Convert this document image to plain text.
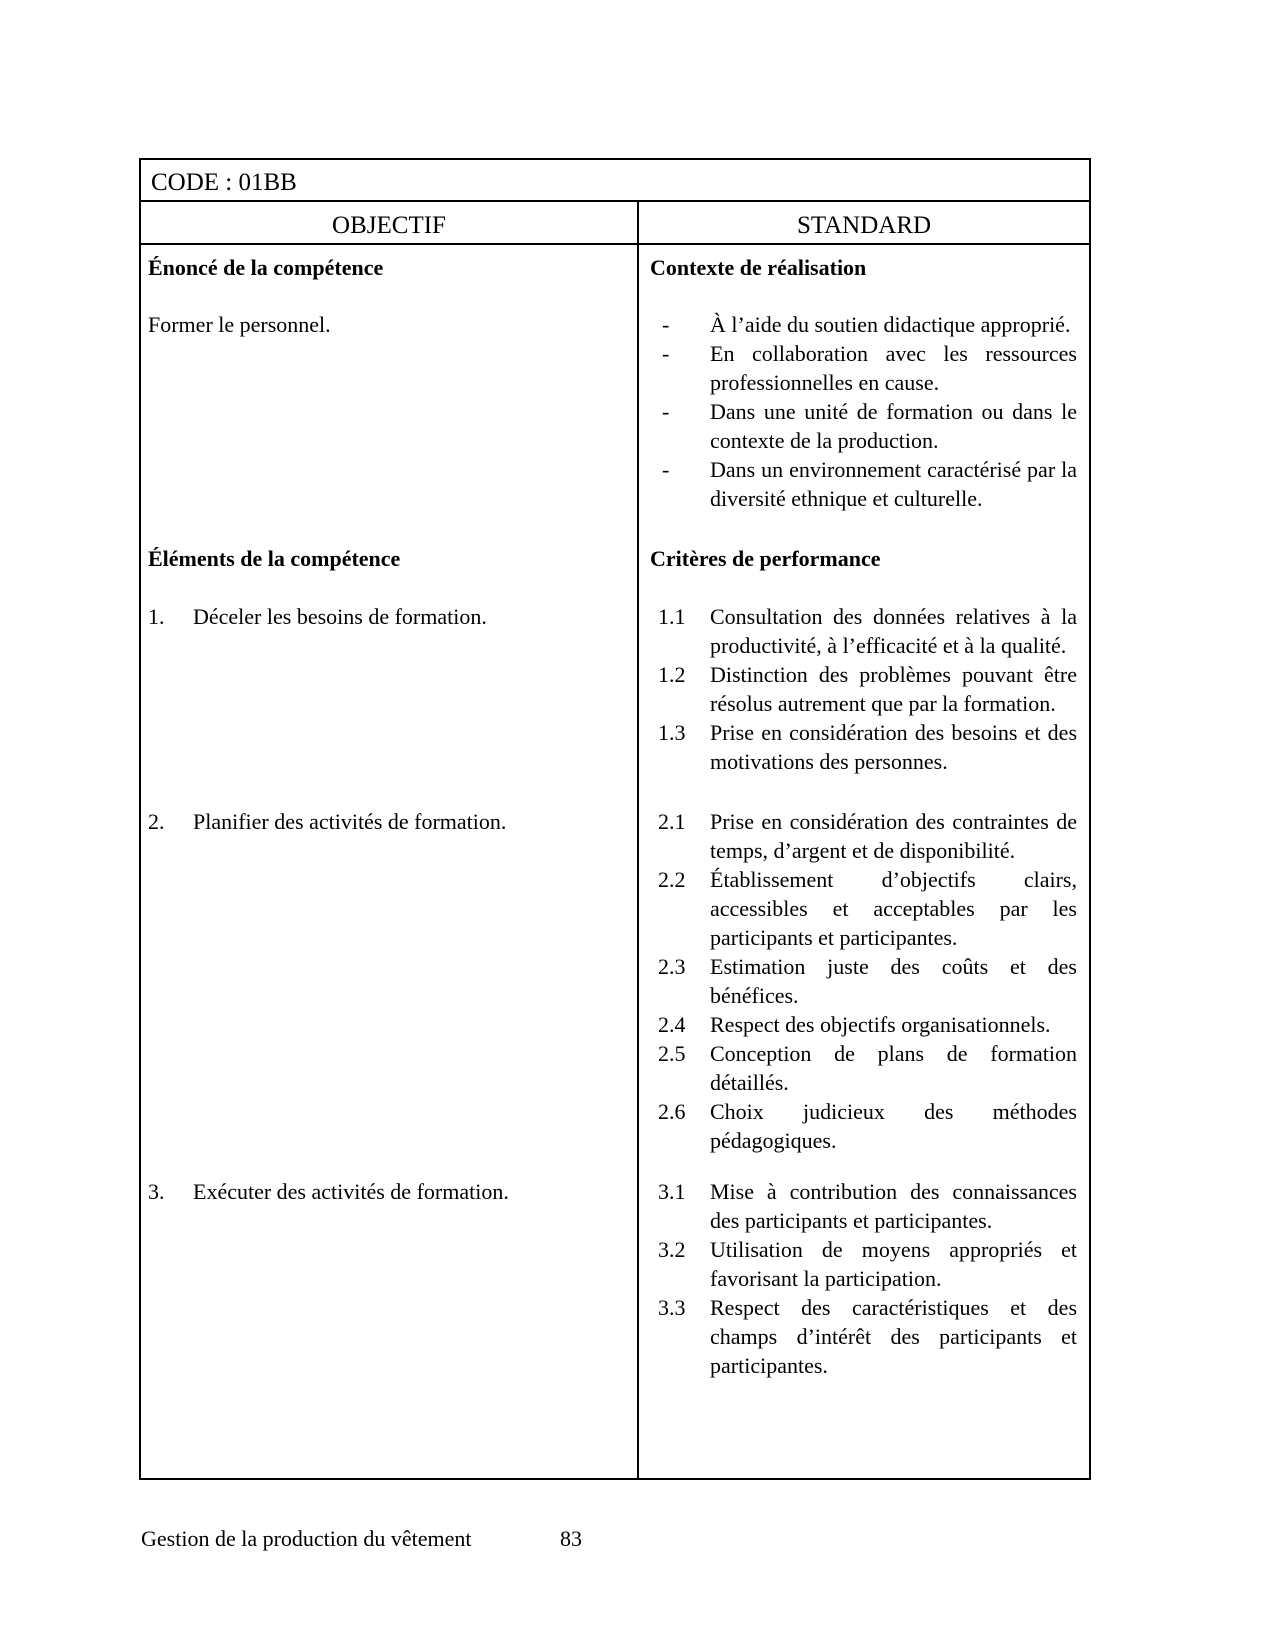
CODE : 01BB
OBJECTIF	STANDARD
Énoncé de la compétence	Contexte de réalisation
Former le personnel.	-	À l’aide du soutien didactique approprié.
-	En collaboration avec les ressources professionnelles en cause.
-	Dans une unité de formation ou dans le contexte de la production.
-	Dans un environnement caractérisé par la diversité ethnique et culturelle.
Éléments de la compétence	Critères de performance
1.	Déceler les besoins de formation.	1.1	Consultation des données relatives à la productivité, à l’efficacité et à la qualité.
1.2	Distinction des problèmes pouvant être résolus autrement que par la formation.
1.3	Prise en considération des besoins et des motivations des personnes.
2.	Planifier des activités de formation.	2.1	Prise en considération des contraintes de temps, d’argent et de disponibilité.
2.2	Établissement d’objectifs clairs, accessibles et acceptables par les participants et participantes.
2.3	Estimation juste des coûts et des bénéfices.
2.4	Respect des objectifs organisationnels.
2.5	Conception de plans de formation détaillés.
2.6	Choix judicieux des méthodes pédagogiques.
3.	Exécuter des activités de formation.	3.1	Mise à contribution des connaissances des participants et participantes.
3.2	Utilisation de moyens appropriés et favorisant la participation.
3.3	Respect des caractéristiques et des champs d’intérêt des participants et participantes.
Gestion de la production du vêtement	83
